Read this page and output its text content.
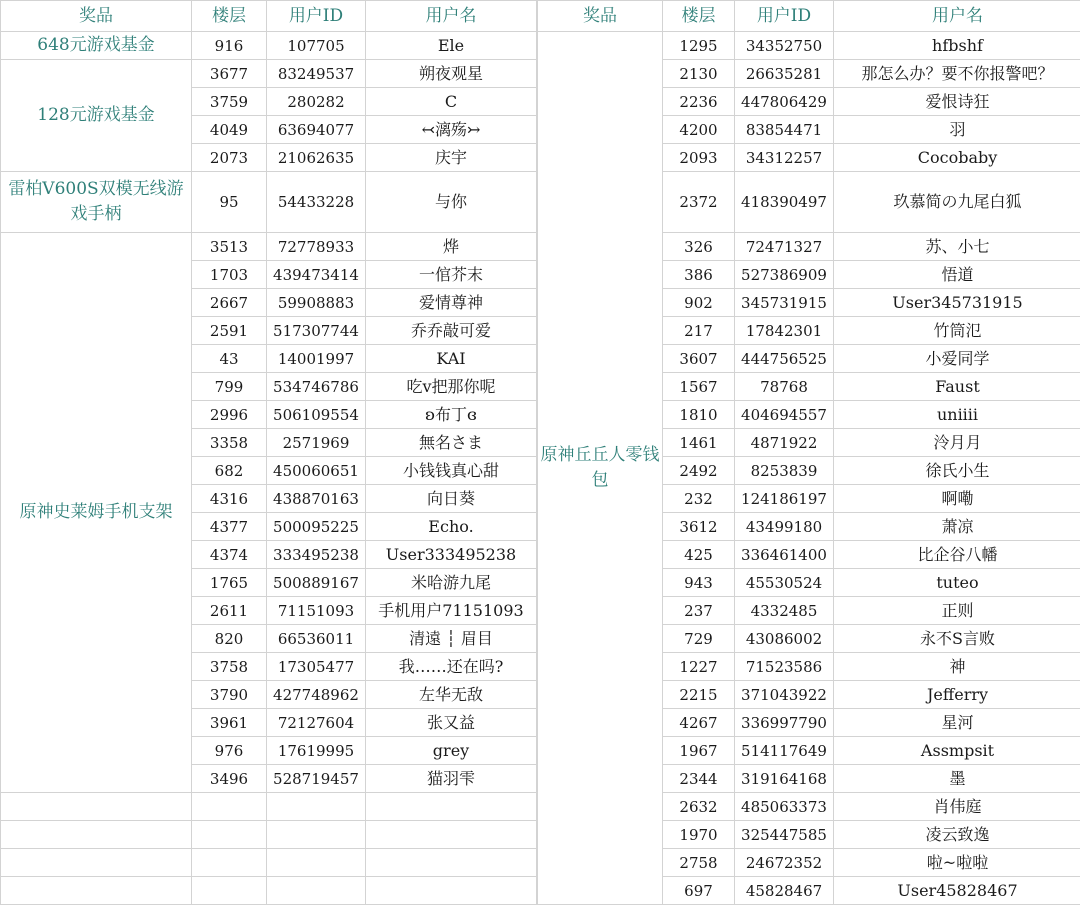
奖品	楼层	用户ID	用户名
648元游戏基金	916	107705	Ele
128元游戏基金	3677	83249537	朔夜观星
	3759	280282	C
	4049	63694077	↢漓殇↣
	2073	21062635	庆宇
雷柏V600S双模无线游戏手柄	95	54433228	与你
原神史莱姆手机支架	3513	72778933	烨
	1703	439473414	一倌芥末
	2667	59908883	爱情尊神
	2591	517307744	乔乔敲可爱
	43	14001997	KAI
	799	534746786	吃v把那你呢
	2996	506109554	ʚ布丁ɞ
	3358	2571969	無名さま
	682	450060651	小钱钱真心甜
	4316	438870163	向日葵
	4377	500095225	Echo.
	4374	333495238	User333495238
	1765	500889167	米哈游九尾
	2611	71151093	手机用户71151093
	820	66536011	清遠 ┆ 眉目
	3758	17305477	我……还在吗?
	3790	427748962	左华无敌
	3961	72127604	张又益
	976	17619995	grey
	3496	528719457	猫羽雫

奖品	楼层	用户ID	用户名
原神丘丘人零钱包	1295	34352750	hfbshf
	2130	26635281	那怎么办？要不你报警吧？
	2236	447806429	爱恨诗狂
	4200	83854471	羽
	2093	34312257	Cocobaby
	2372	418390497	玖慕简の九尾白狐
	326	72471327	苏、小七
	386	527386909	悟道
	902	345731915	User345731915
	217	17842301	竹筒氾
	3607	444756525	小爱同学
	1567	78768	Faust
	1810	404694557	uniiii
	1461	4871922	泠月月
	2492	8253839	徐氏小生
	232	124186197	啊嘞
	3612	43499180	萧凉
	425	336461400	比企谷八幡
	943	45530524	tuteo
	237	4332485	正则
	729	43086002	永不S言败
	1227	71523586	神
	2215	371043922	Jefferry
	4267	336997790	星河
	1967	514117649	Assmpsit
	2344	319164168	墨
	2632	485063373	肖伟庭
	1970	325447585	凌云致逸
	2758	24672352	啦~啦啦
	697	45828467	User45828467
